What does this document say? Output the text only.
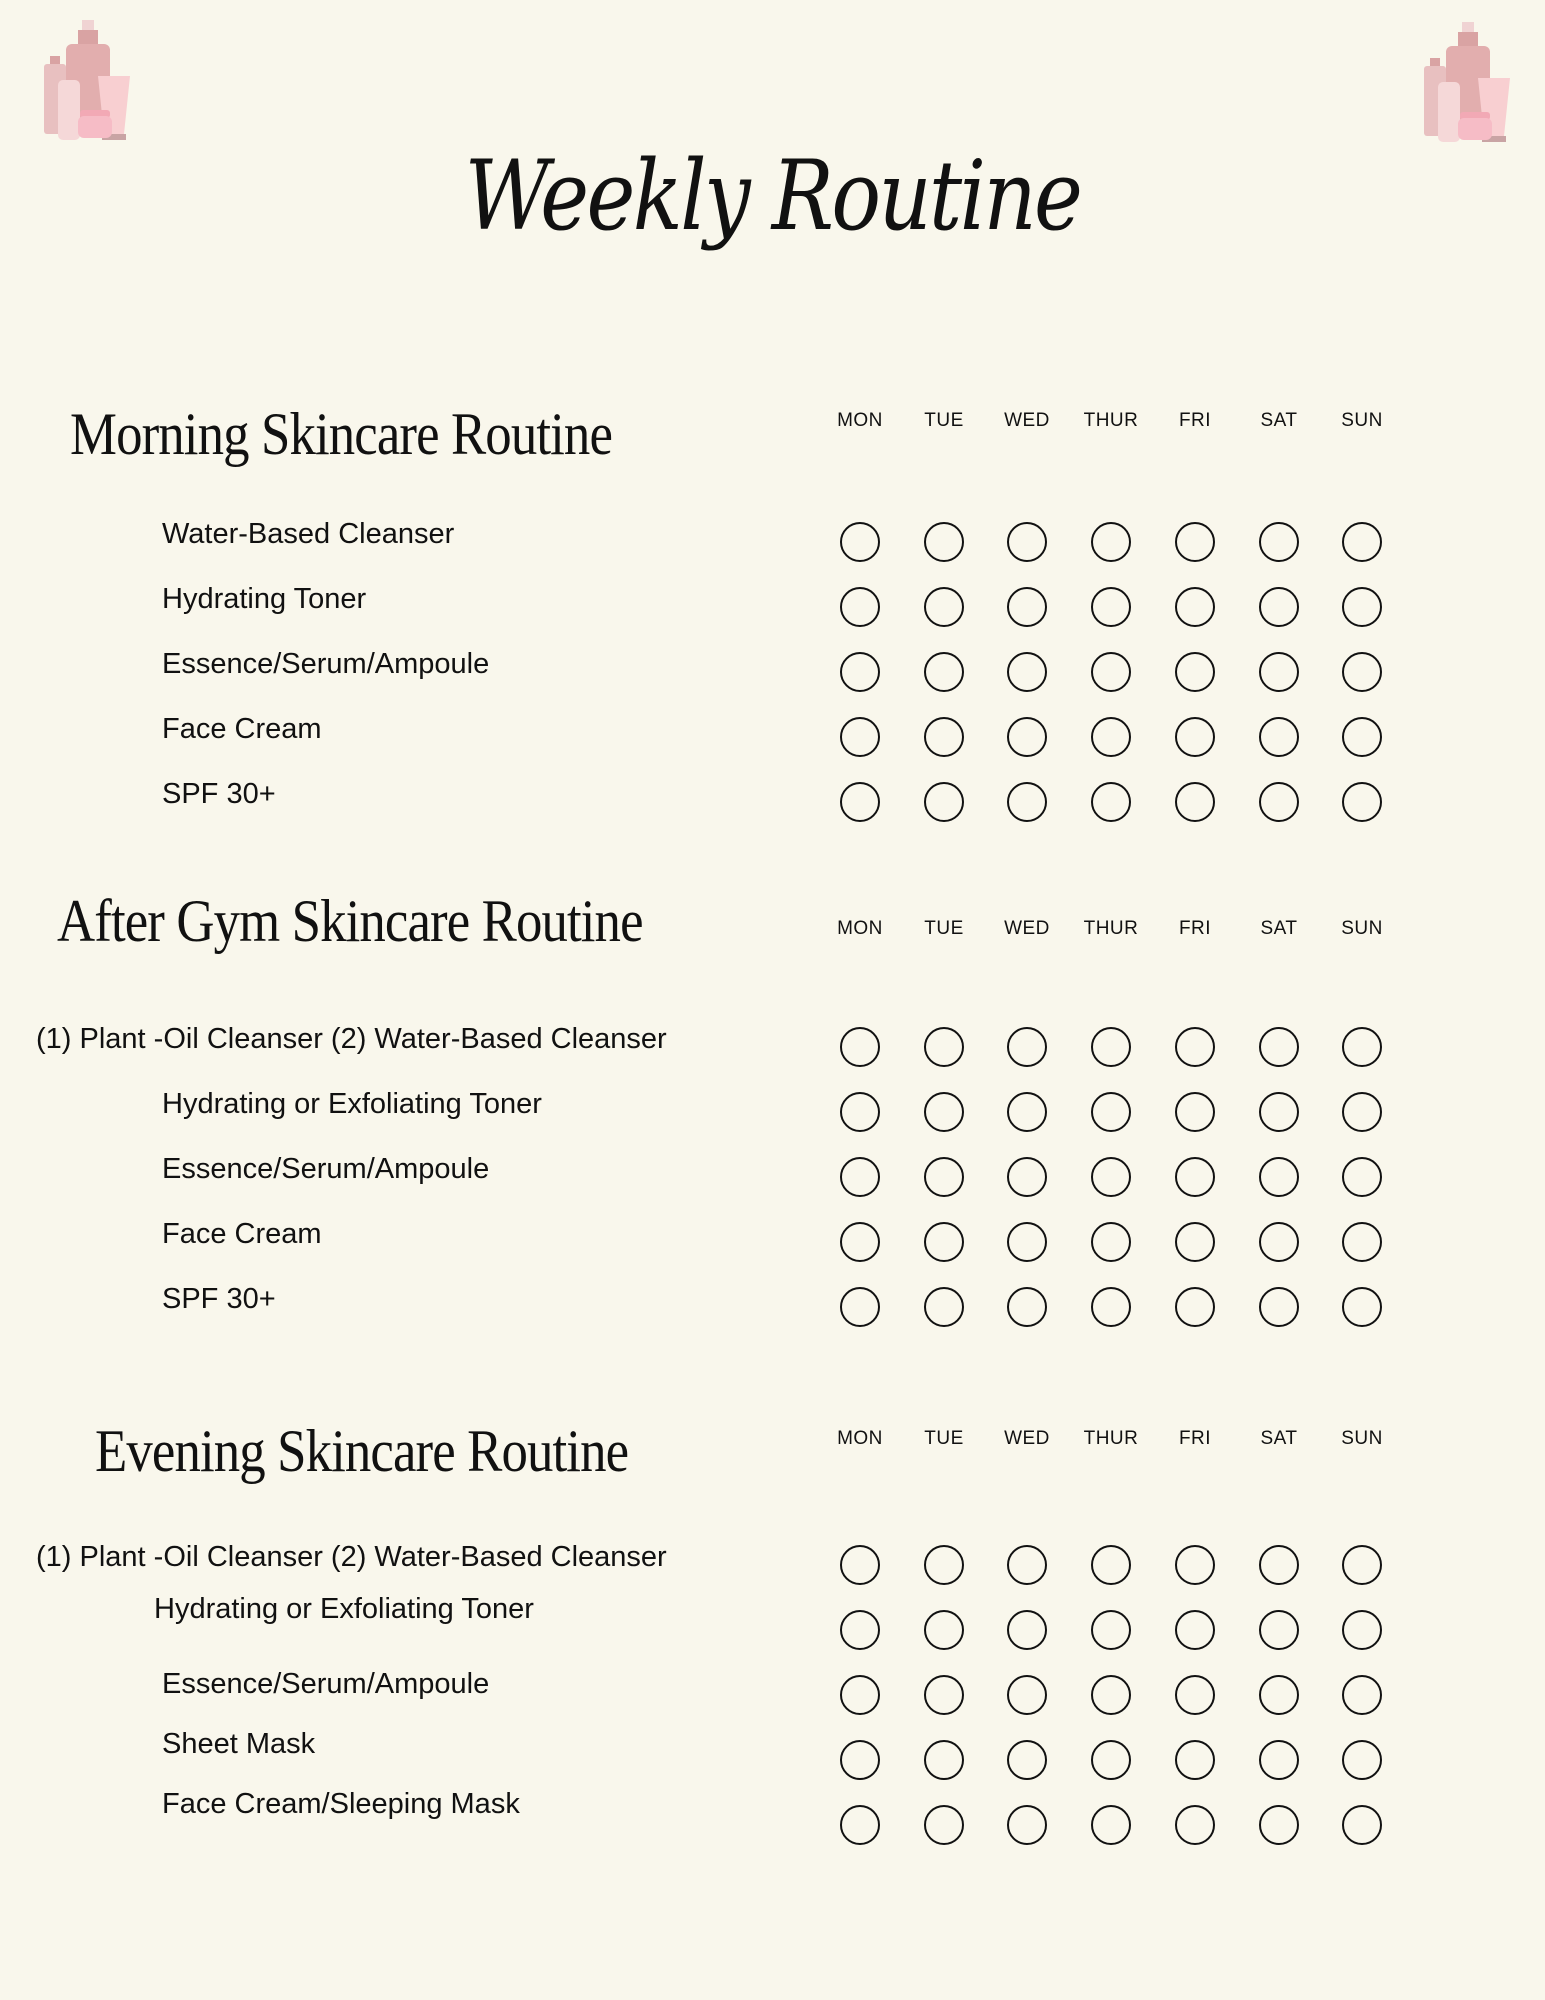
Weekly Routine
Morning Skincare Routine	MON	TUE	WED	THUR	FRI	SAT	SUN
Water-Based Cleanser
Hydrating Toner
Essence/Serum/Ampoule
Face Cream
SPF 30+
After Gym Skincare Routine	MON	TUE	WED	THUR	FRI	SAT	SUN
(1) Plant -Oil Cleanser (2) Water-Based Cleanser
Hydrating or Exfoliating Toner
Essence/Serum/Ampoule
Face Cream
SPF 30+
Evening Skincare Routine	MON	TUE	WED	THUR	FRI	SAT	SUN
(1) Plant -Oil Cleanser (2) Water-Based Cleanser
Hydrating or Exfoliating Toner
Essence/Serum/Ampoule
Sheet Mask
Face Cream/Sleeping Mask
